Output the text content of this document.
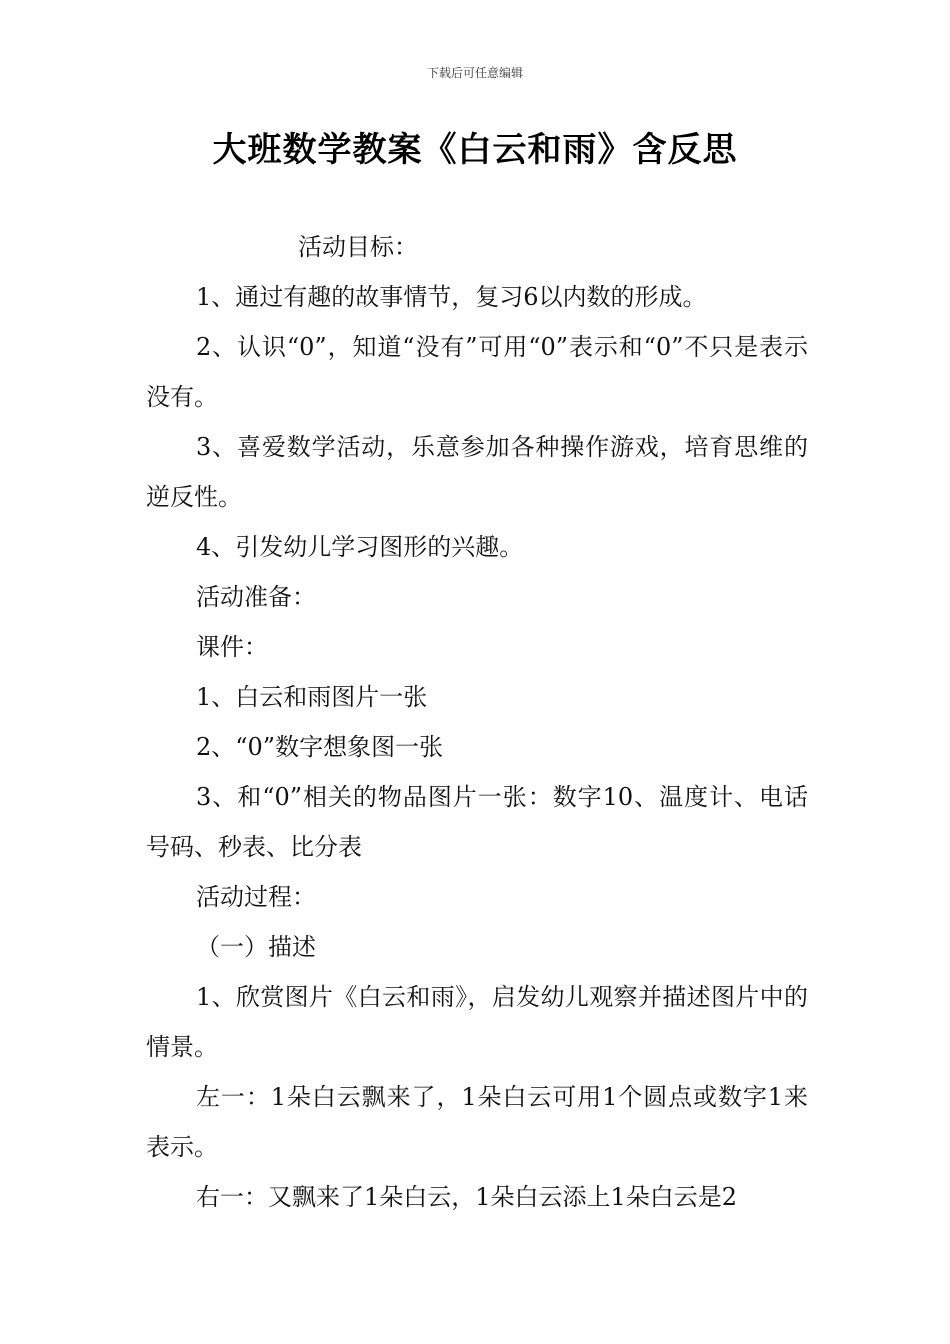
下载后可任意编辑
大班数学教案《白云和雨》含反思

活动目标：

1、通过有趣的故事情节，复习6以内数的形成。

2、认识“0”，知道“没有”可用“0”表示和“0”不只是表示没有。

3、喜爱数学活动，乐意参加各种操作游戏，培育思维的逆反性。

4、引发幼儿学习图形的兴趣。

活动准备：

课件：

1、白云和雨图片一张

2、“0”数字想象图一张

3、和“0”相关的物品图片一张：数字10、温度计、电话号码、秒表、比分表

活动过程：

（一）描述

1、欣赏图片《白云和雨》，启发幼儿观察并描述图片中的情景。

左一：1朵白云飘来了，1朵白云可用1个圆点或数字1来表示。

右一：又飘来了1朵白云，1朵白云添上1朵白云是2
